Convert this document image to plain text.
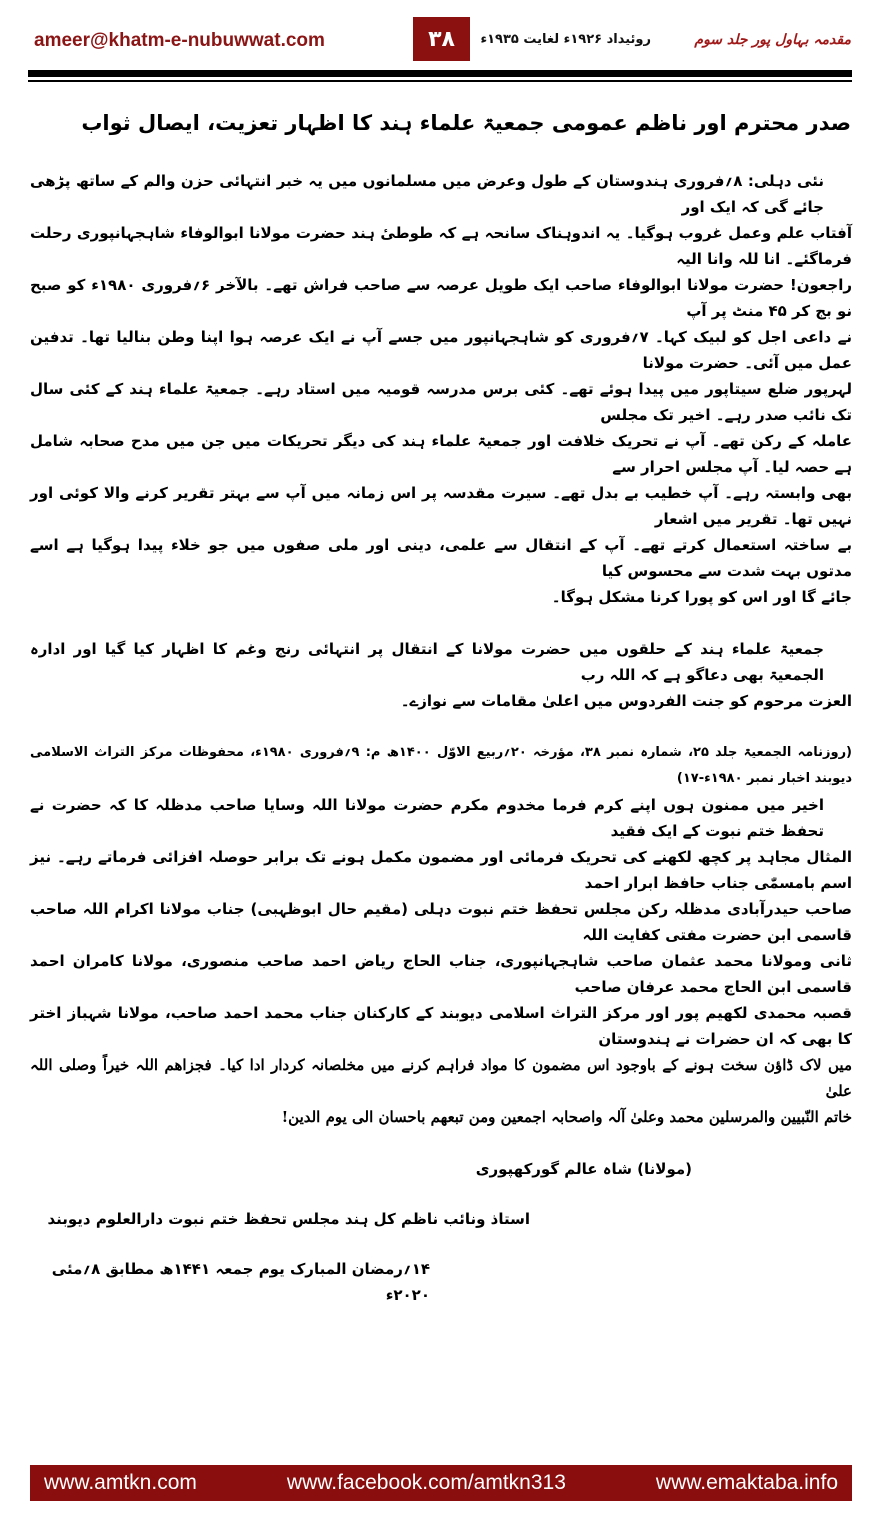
ameer@khatm-e-nubuwwat.com	۳۸	روئیداد ۱۹۲۶ء لغایت ۱۹۳۵ء	مقدمہ بہاول پور جلد سوم
صدر محترم اور ناظم عمومی جمعیۃ علماء ہند کا اظہار تعزیت، ایصال ثواب
نئی دہلی: ۸؍فروری ہندوستان کے طول وعرض میں مسلمانوں میں یہ خبر انتہائی حزن والم کے ساتھ پڑھی جائے گی کہ ایک اور
آفتاب علم وعمل غروب ہوگیا۔ یہ اندوہناک سانحہ ہے کہ طوطیٔ ہند حضرت مولانا ابوالوفاء شاہجہانپوری رحلت فرماگئے۔ انا للہ وانا الیہ
راجعون! حضرت مولانا ابوالوفاء صاحب ایک طویل عرصہ سے صاحب فراش تھے۔ بالآخر ۶؍فروری ۱۹۸۰ء کو صبح نو بج کر ۴۵ منٹ پر آپ
نے داعی اجل کو لبیک کہا۔ ۷؍فروری کو شاہجہانپور میں جسے آپ نے ایک عرصہ ہوا اپنا وطن بنالیا تھا۔ تدفین عمل میں آئی۔ حضرت مولانا
لہرپور ضلع سیتاپور میں پیدا ہوئے تھے۔ کئی برس مدرسہ قومیہ میں استاد رہے۔ جمعیۃ علماء ہند کے کئی سال تک نائب صدر رہے۔ اخیر تک مجلس
عاملہ کے رکن تھے۔ آپ نے تحریک خلافت اور جمعیۃ علماء ہند کی دیگر تحریکات میں جن میں مدح صحابہ شامل ہے حصہ لیا۔ آپ مجلس احرار سے
بھی وابستہ رہے۔ آپ خطیب بے بدل تھے۔ سیرت مقدسہ پر اس زمانہ میں آپ سے بہتر تقریر کرنے والا کوئی اور نہیں تھا۔ تقریر میں اشعار
بے ساختہ استعمال کرتے تھے۔ آپ کے انتقال سے علمی، دینی اور ملی صفوں میں جو خلاء پیدا ہوگیا ہے اسے مدتوں بہت شدت سے محسوس کیا
جائے گا اور اس کو پورا کرنا مشکل ہوگا۔
جمعیۃ علماء ہند کے حلقوں میں حضرت مولانا کے انتقال پر انتہائی رنج وغم کا اظہار کیا گیا اور ادارہ الجمعیۃ بھی دعاگو ہے کہ اللہ رب
العزت مرحوم کو جنت الفردوس میں اعلیٰ مقامات سے نوازے۔
(روزنامہ الجمعیۃ جلد ۲۵، شمارہ نمبر ۳۸، مؤرخہ ۲۰؍ربیع الاوّل ۱۴۰۰ھ م: ۹؍فروری ۱۹۸۰ء، محفوظات مرکز التراث الاسلامی دیوبند اخبار نمبر ۱۹۸۰ء-۱۷)
اخیر میں ممنون ہوں اپنے کرم فرما مخدوم مکرم حضرت مولانا اللہ وسایا صاحب مدظلہ کا کہ حضرت نے تحفظ ختم نبوت کے ایک فقید
المثال مجاہد پر کچھ لکھنے کی تحریک فرمائی اور مضمون مکمل ہونے تک برابر حوصلہ افزائی فرماتے رہے۔ نیز اسم بامسمّٰی جناب حافظ ابرار احمد
صاحب حیدرآبادی مدظلہ رکن مجلس تحفظ ختم نبوت دہلی (مقیم حال ابوظہبی) جناب مولانا اکرام اللہ صاحب قاسمی ابن حضرت مفتی کفایت اللہ
ثانی ومولانا محمد عثمان صاحب شاہجہانپوری، جناب الحاج ریاض احمد صاحب منصوری، مولانا کامران احمد قاسمی ابن الحاج محمد عرفان صاحب
قصبہ محمدی لکھیم پور اور مرکز التراث اسلامی دیوبند کے کارکنان جناب محمد احمد صاحب، مولانا شہباز اختر کا بھی کہ ان حضرات نے ہندوستان
میں لاک ڈاؤن سخت ہونے کے باوجود اس مضمون کا مواد فراہم کرنے میں مخلصانہ کردار ادا کیا۔ فجزاھم اللہ خیراً وصلی اللہ علیٰ
خاتم النّبیین والمرسلین محمد وعلیٰ آلہ واصحابہ اجمعین ومن تبعھم باحسان الی یوم الدین!
(مولانا) شاہ عالم گورکھپوری
استاذ ونائب ناظم کل ہند مجلس تحفظ ختم نبوت دارالعلوم دیوبند
۱۴؍رمضان المبارک یوم جمعہ ۱۴۴۱ھ مطابق ۸؍مئی ۲۰۲۰ء
www.amtkn.com	www.facebook.com/amtkn313	www.emaktaba.info
